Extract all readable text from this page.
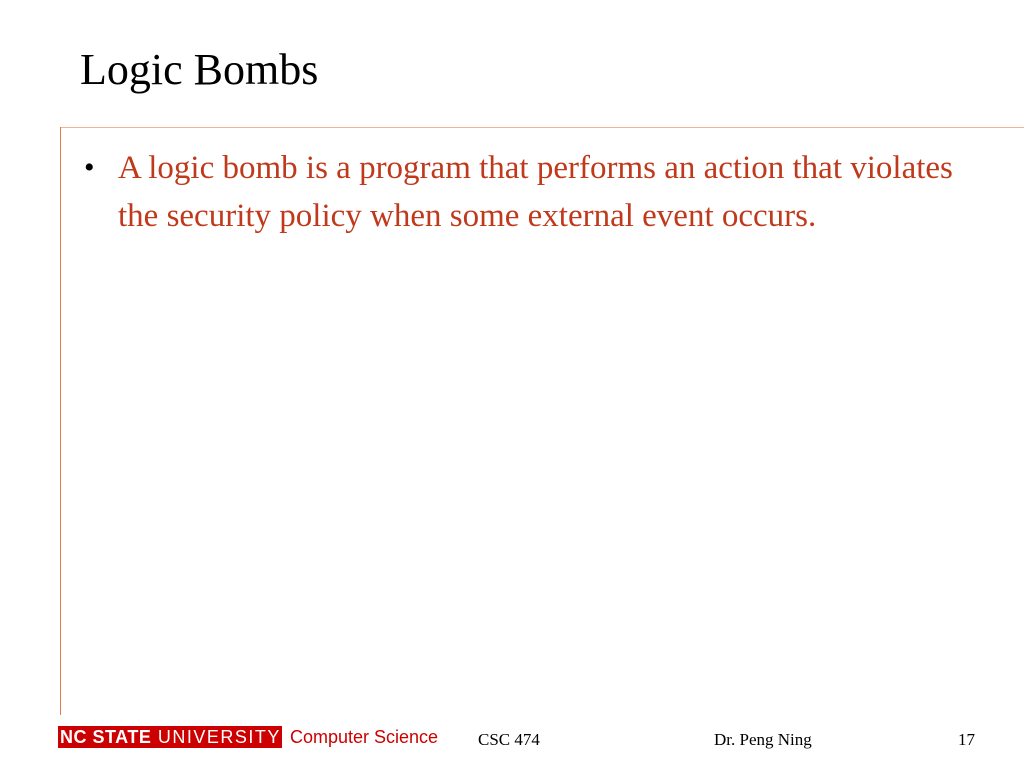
Logic Bombs
• A logic bomb is a program that performs an action that violates the security policy when some external event occurs.
NC STATE UNIVERSITY Computer Science CSC 474	Dr. Peng Ning	17
